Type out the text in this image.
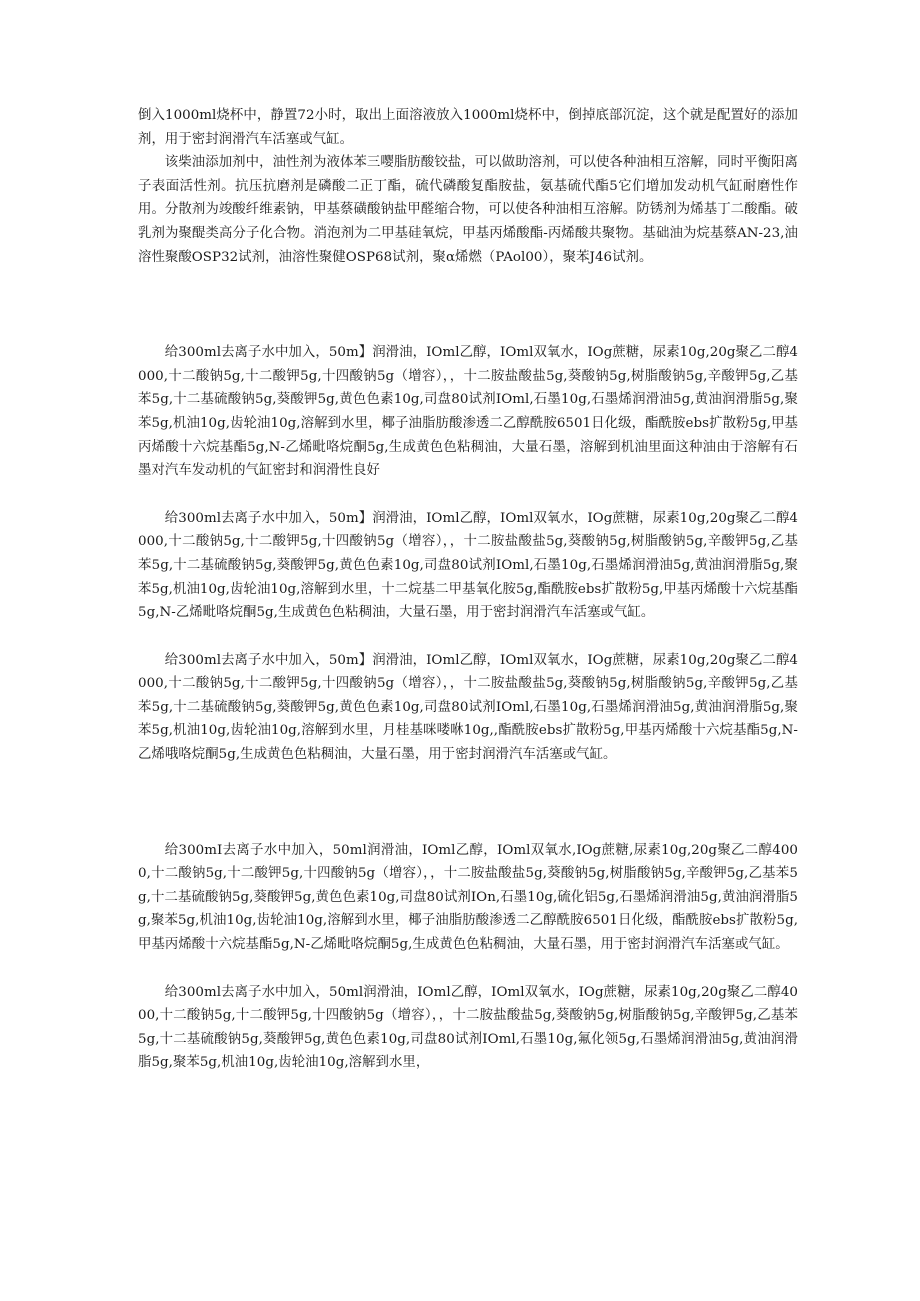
倒入1000ml烧杯中，静置72小时，取出上面溶液放入1000ml烧杯中，倒掉底部沉淀，这个就是配置好的添加剂，用于密封润滑汽车活塞或气缸。

该柴油添加剂中，油性剂为液体苯三嘤脂肪酸铰盐，可以做助溶剂，可以使各种油相互溶解，同时平衡阳离子表面活性剂。抗压抗磨剂是磷酸二正丁酯，硫代磷酸复酯胺盐，氨基硫代酯5它们增加发动机气缸耐磨性作用。分散剂为竣酸纤维素钠，甲基蔡磺酸钠盐甲醛缩合物，可以使各种油相互溶解。防锈剂为烯基丁二酸酯。破乳剂为聚醍类高分子化合物。消泡剂为二甲基硅氧烷，甲基丙烯酸酯-丙烯酸共聚物。基础油为烷基蔡AN-23,油溶性聚酸OSP32试剂，油溶性聚健OSP68试剂，聚α烯燃（PAol00），聚苯J46试剂。

给300ml去离子水中加入，50m】润滑油，IOml乙醇，IOml双氧水，IOg蔗糖，尿素10g,20g聚乙二醇4000,十二酸钠5g,十二酸钾5g,十四酸钠5g（增容），，十二胺盐酸盐5g,葵酸钠5g,树脂酸钠5g,辛酸钾5g,乙基苯5g,十二基硫酸钠5g,葵酸钾5g,黄色色素10g,司盘80试剂IOml,石墨10g,石墨烯润滑油5g,黄油润滑脂5g,聚苯5g,机油10g,齿轮油10g,溶解到水里，椰子油脂肪酸渗透二乙醇酰胺6501日化级，酯酰胺ebs扩散粉5g,甲基丙烯酸十六烷基酯5g,N-乙烯毗咯烷酮5g,生成黄色色粘稠油，大量石墨，溶解到机油里面这种油由于溶解有石墨对汽车发动机的气缸密封和润滑性良好

给300ml去离子水中加入，50m】润滑油，IOml乙醇，IOml双氧水，IOg蔗糖，尿素10g,20g聚乙二醇4000,十二酸钠5g,十二酸钾5g,十四酸钠5g（增容），，十二胺盐酸盐5g,葵酸钠5g,树脂酸钠5g,辛酸钾5g,乙基苯5g,十二基硫酸钠5g,葵酸钾5g,黄色色素10g,司盘80试剂IOml,石墨10g,石墨烯润滑油5g,黄油润滑脂5g,聚苯5g,机油10g,齿轮油10g,溶解到水里，十二烷基二甲基氧化胺5g,酯酰胺ebs扩散粉5g,甲基丙烯酸十六烷基酯5g,N-乙烯毗咯烷酮5g,生成黄色色粘稠油，大量石墨，用于密封润滑汽车活塞或气缸。

给300ml去离子水中加入，50m】润滑油，IOml乙醇，IOml双氧水，IOg蔗糖，尿素10g,20g聚乙二醇4000,十二酸钠5g,十二酸钾5g,十四酸钠5g（增容），，十二胺盐酸盐5g,葵酸钠5g,树脂酸钠5g,辛酸钾5g,乙基苯5g,十二基硫酸钠5g,葵酸钾5g,黄色色素10g,司盘80试剂IOml,石墨10g,石墨烯润滑油5g,黄油润滑脂5g,聚苯5g,机油10g,齿轮油10g,溶解到水里，月桂基咪喽咻10g,,酯酰胺ebs扩散粉5g,甲基丙烯酸十六烷基酯5g,N-乙烯哦咯烷酮5g,生成黄色色粘稠油，大量石墨，用于密封润滑汽车活塞或气缸。

给300mI去离子水中加入，50ml润滑油，IOml乙醇，IOml双氧水,IOg蔗糖,尿素10g,20g聚乙二醇4000,十二酸钠5g,十二酸钾5g,十四酸钠5g（增容），，十二胺盐酸盐5g,葵酸钠5g,树脂酸钠5g,辛酸钾5g,乙基苯5g,十二基硫酸钠5g,葵酸钾5g,黄色色素10g,司盘80试剂IOn,石墨10g,硫化铝5g,石墨烯润滑油5g,黄油润滑脂5g,聚苯5g,机油10g,齿轮油10g,溶解到水里，椰子油脂肪酸渗透二乙醇酰胺6501日化级，酯酰胺ebs扩散粉5g,甲基丙烯酸十六烷基酯5g,N-乙烯毗咯烷酮5g,生成黄色色粘稠油，大量石墨，用于密封润滑汽车活塞或气缸。

给300ml去离子水中加入，50ml润滑油，IOml乙醇，IOml双氧水，IOg蔗糖，尿素10g,20g聚乙二醇4000,十二酸钠5g,十二酸钾5g,十四酸钠5g（增容），，十二胺盐酸盐5g,葵酸钠5g,树脂酸钠5g,辛酸钾5g,乙基苯5g,十二基硫酸钠5g,葵酸钾5g,黄色色素10g,司盘80试剂IOml,石墨10g,氟化领5g,石墨烯润滑油5g,黄油润滑脂5g,聚苯5g,机油10g,齿轮油10g,溶解到水里，
